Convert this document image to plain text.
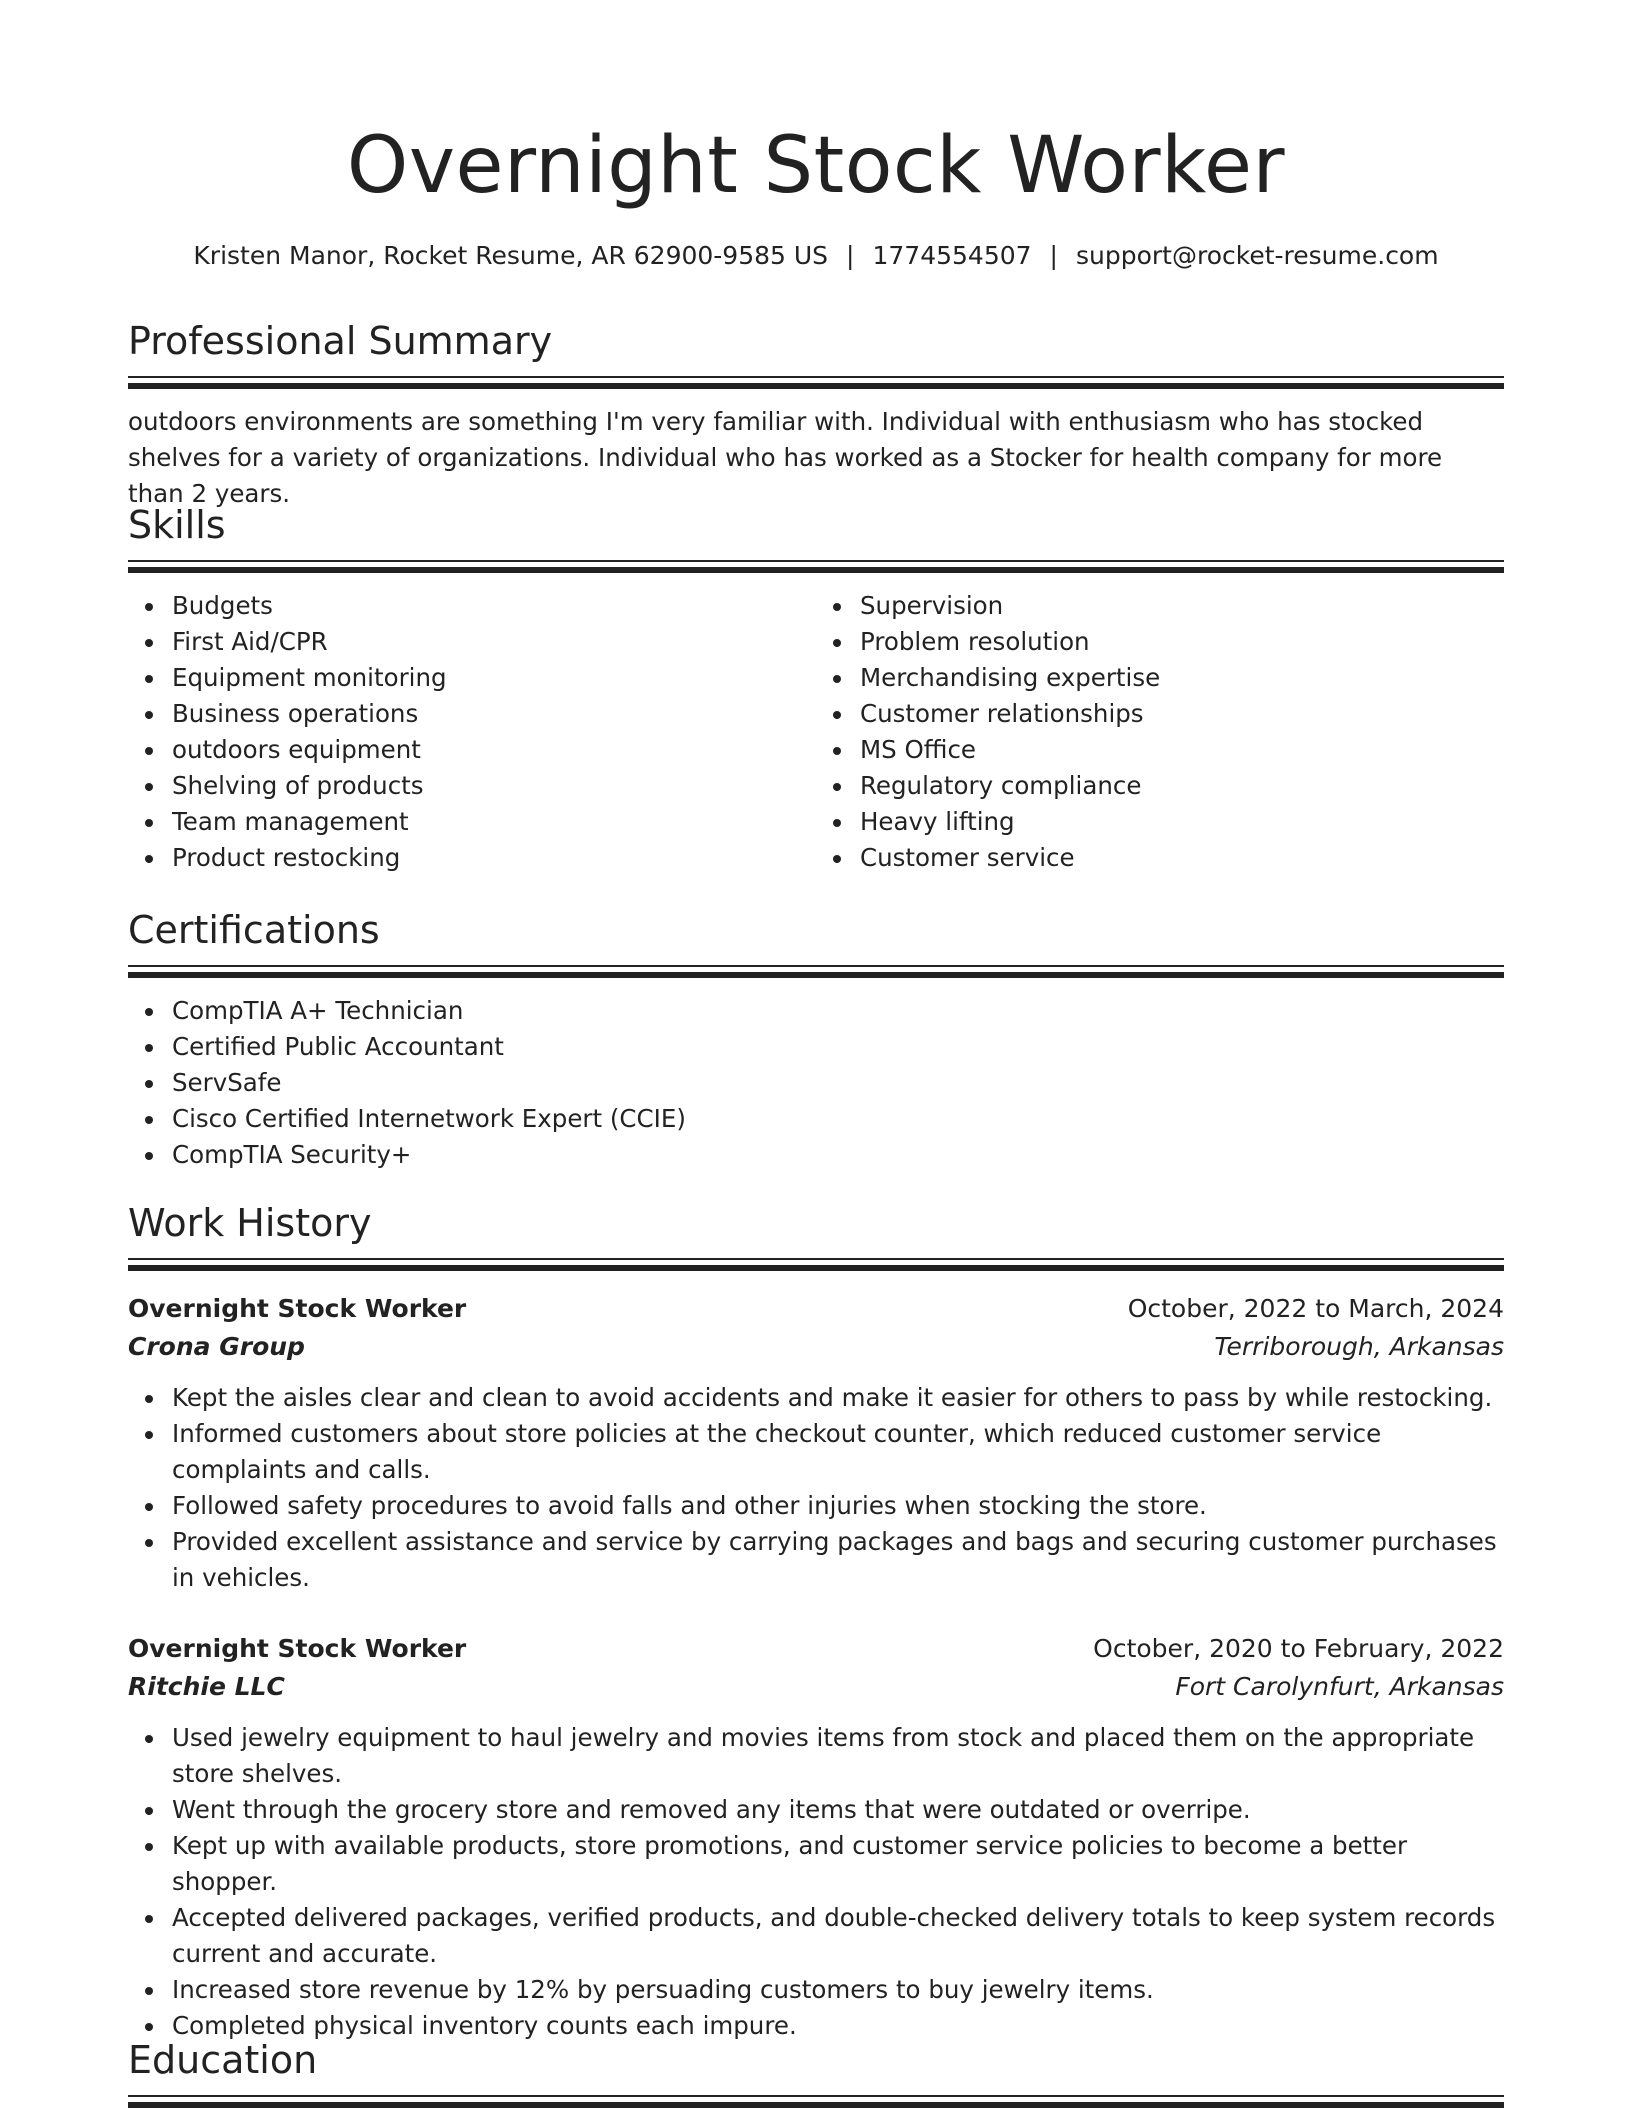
Overnight Stock Worker
Kristen Manor, Rocket Resume, AR 62900-9585 US | 1774554507 | support@rocket-resume.com
Professional Summary

outdoors environments are something I'm very familiar with. Individual with enthusiasm who has stocked shelves for a variety of organizations. Individual who has worked as a Stocker for health company for more than 2 years.

Skills
Budgets
First Aid/CPR
Equipment monitoring
Business operations
outdoors equipment
Shelving of products
Team management
Product restocking
Supervision
Problem resolution
Merchandising expertise
Customer relationships
MS Office
Regulatory compliance
Heavy lifting
Customer service
Certifications
CompTIA A+ Technician
Certified Public Accountant
ServSafe
Cisco Certified Internetwork Expert (CCIE)
CompTIA Security+
Work History
Overnight Stock Worker	October, 2022 to March, 2024
Crona Group	Terriborough, Arkansas
Kept the aisles clear and clean to avoid accidents and make it easier for others to pass by while restocking.
Informed customers about store policies at the checkout counter, which reduced customer service complaints and calls.
Followed safety procedures to avoid falls and other injuries when stocking the store.
Provided excellent assistance and service by carrying packages and bags and securing customer purchases in vehicles.
Overnight Stock Worker	October, 2020 to February, 2022
Ritchie LLC	Fort Carolynfurt, Arkansas
Used jewelry equipment to haul jewelry and movies items from stock and placed them on the appropriate store shelves.
Went through the grocery store and removed any items that were outdated or overripe.
Kept up with available products, store promotions, and customer service policies to become a better shopper.
Accepted delivered packages, verified products, and double-checked delivery totals to keep system records current and accurate.
Increased store revenue by 12% by persuading customers to buy jewelry items.
Completed physical inventory counts each impure.
Education
